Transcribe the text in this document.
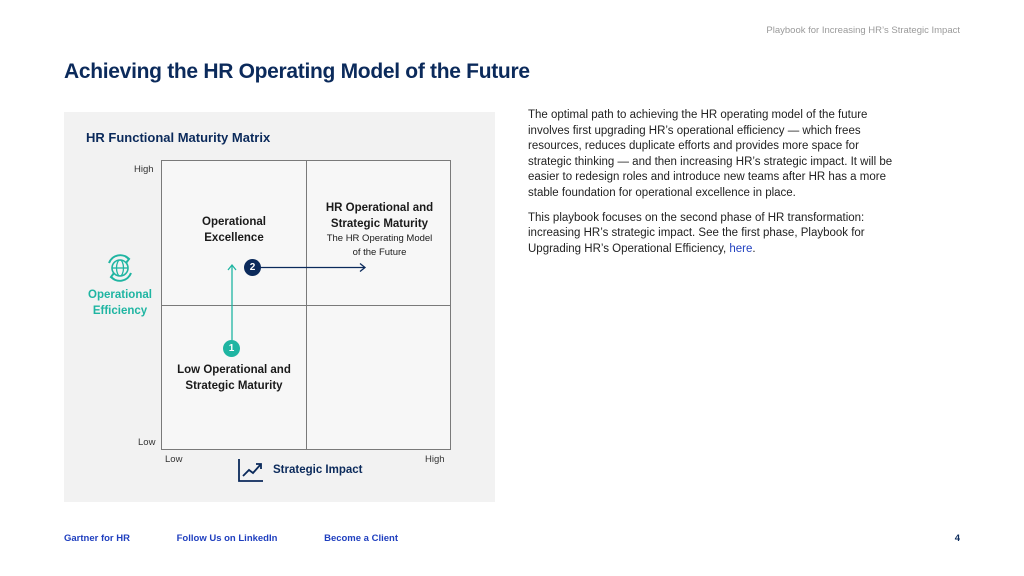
Playbook for Increasing HR’s Strategic Impact
Achieving the HR Operating Model of the Future
HR Functional Maturity Matrix
High
Low
Low	High
Operational
Excellence
HR Operational and
Strategic Maturity
The HR Operating Model
of the Future
Low Operational and
Strategic Maturity
1
2
Operational
Efficiency
Strategic Impact

The optimal path to achieving the HR operating model of the future involves first upgrading HR’s operational efficiency — which frees resources, reduces duplicate efforts and provides more space for strategic thinking — and then increasing HR’s strategic impact. It will be easier to redesign roles and introduce new teams after HR has a more stable foundation for operational excellence in place.

This playbook focuses on the second phase of HR transformation: increasing HR’s strategic impact. See the first phase, Playbook for Upgrading HR’s Operational Efficiency, here.

Gartner for HR	Follow Us on LinkedIn	Become a Client	4
